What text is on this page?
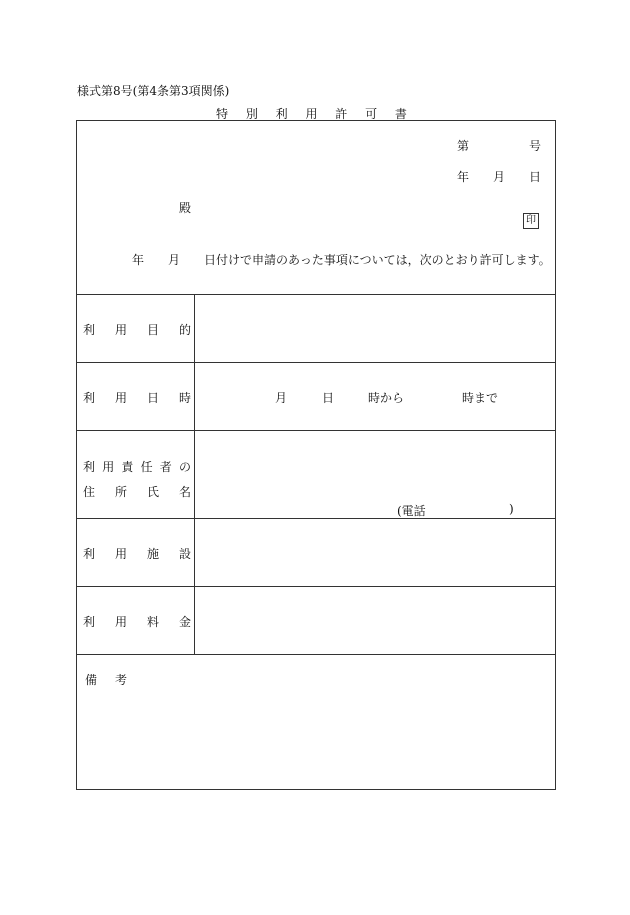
様式第8号(第4条第3項関係)
特 別 利 用 許 可 書
第	号
年 月 日
殿
印
年 月 日付けで申請のあった事項については，次のとおり許可します。
利 用 目 的
利 用 日 時	月	日	時から	時まで
利 用 責 任 者 の
住 所 氏 名
(電話	)
利 用 施 設
利 用 料 金
備 考
